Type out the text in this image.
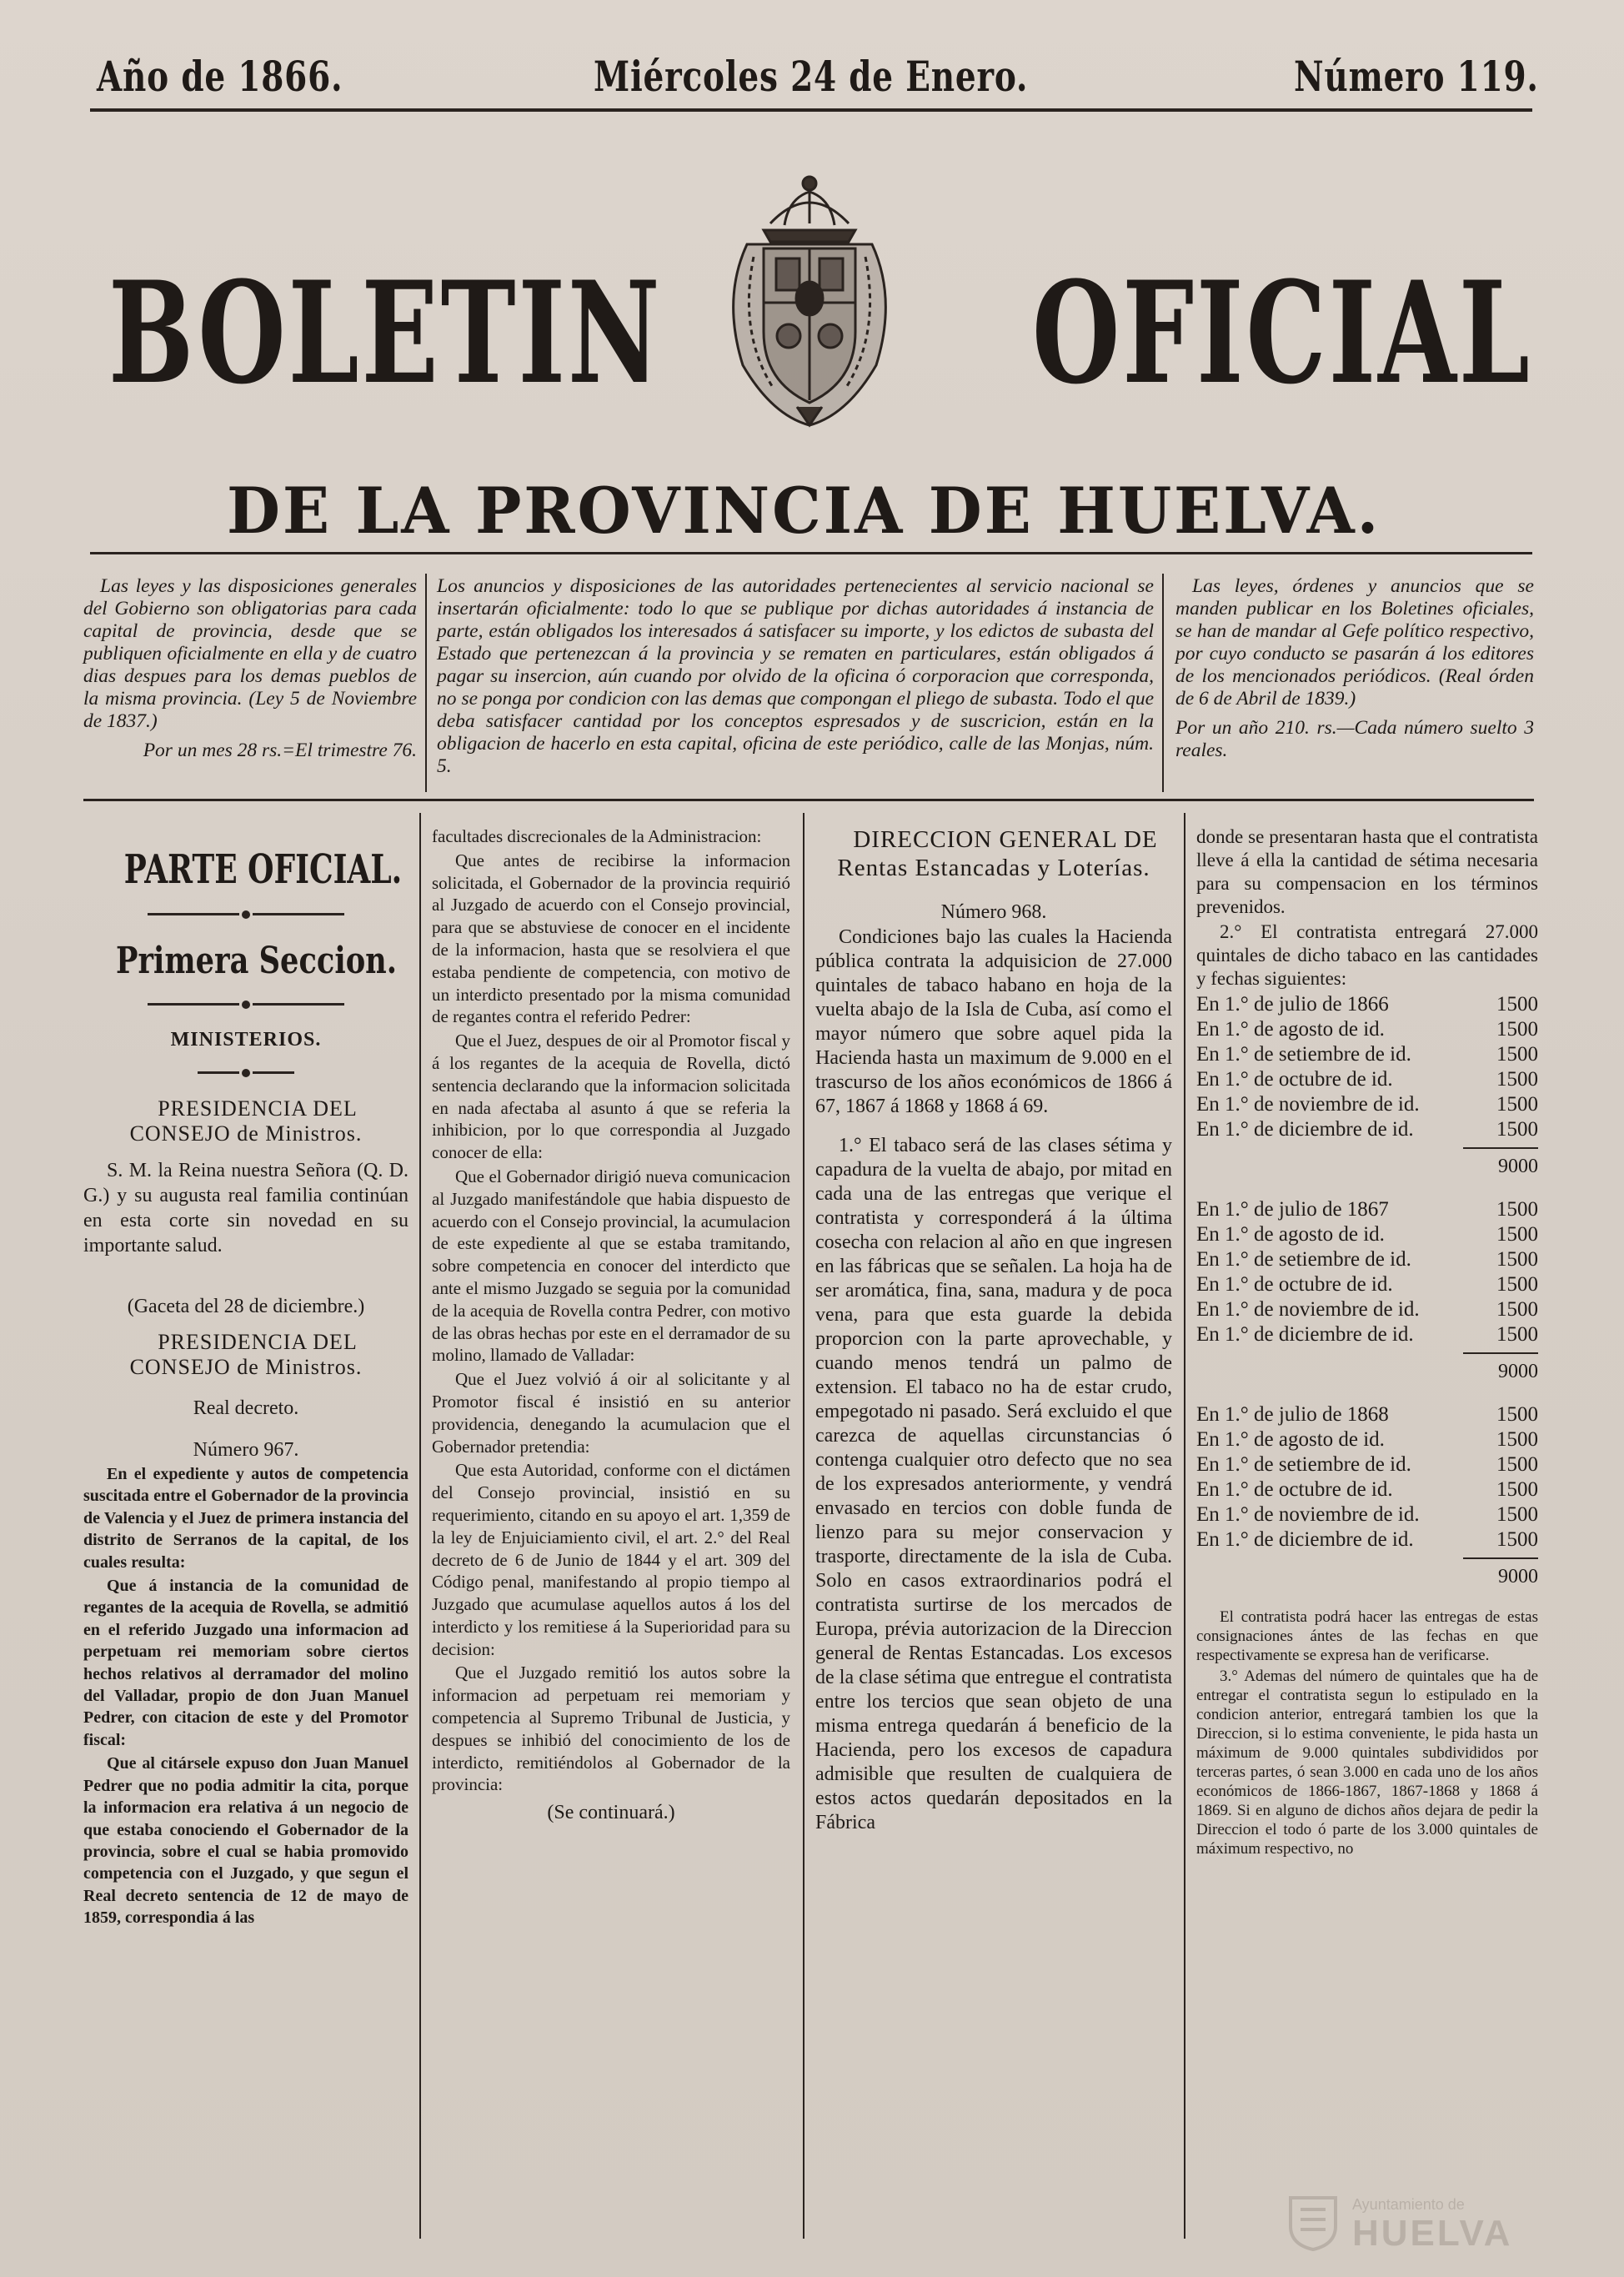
Año de 1866.	Miércoles 24 de Enero.	Número 119.
BOLETIN	OFICIAL
DE LA PROVINCIA DE HUELVA.

Las leyes y las disposiciones generales del Gobierno son obligatorias para cada capital de provincia, desde que se publiquen oficialmente en ella y de cuatro dias despues para los demas pueblos de la misma provincia. (Ley 5 de Noviembre de 1837.)

Por un mes 28 rs.=El trimestre 76.

Los anuncios y disposiciones de las autoridades pertenecientes al servicio nacional se insertarán oficialmente: todo lo que se publique por dichas autoridades á instancia de parte, están obligados los interesados á satisfacer su importe, y los edictos de subasta del Estado que pertenezcan á la provincia y se rematen en particulares, están obligados á pagar su insercion, aún cuando por olvido de la oficina ó corporacion que corresponda, no se ponga por condicion con las demas que compongan el pliego de subasta. Todo el que deba satisfacer cantidad por los conceptos espresados y de suscricion, están en la obligacion de hacerlo en esta capital, oficina de este periódico, calle de las Monjas, núm. 5.

Las leyes, órdenes y anuncios que se manden publicar en los Boletines oficiales, se han de mandar al Gefe político respectivo, por cuyo conducto se pasarán á los editores de los mencionados periódicos. (Real órden de 6 de Abril de 1839.)

Por un año 210. rs.—Cada número suelto 3 reales.

PARTE OFICIAL.
Primera Seccion.

MINISTERIOS.

PRESIDENCIA DEL CONSEJO de Ministros.

S. M. la Reina nuestra Señora (Q. D. G.) y su augusta real familia continúan en esta corte sin novedad en su importante salud.

(Gaceta del 28 de diciembre.)

PRESIDENCIA DEL CONSEJO de Ministros.

Real decreto.

Número 967.

En el expediente y autos de competencia suscitada entre el Gobernador de la provincia de Valencia y el Juez de primera instancia del distrito de Serranos de la capital, de los cuales resulta:

Que á instancia de la comunidad de regantes de la acequia de Rovella, se admitió en el referido Juzgado una informacion ad perpetuam rei memoriam sobre ciertos hechos relativos al derramador del molino del Valladar, propio de don Juan Manuel Pedrer, con citacion de este y del Promotor fiscal:

Que al citársele expuso don Juan Manuel Pedrer que no podia admitir la cita, porque la informacion era relativa á un negocio de que estaba conociendo el Gobernador de la provincia, sobre el cual se habia promovido competencia con el Juzgado, y que segun el Real decreto sentencia de 12 de mayo de 1859, correspondia á las

facultades discrecionales de la Administracion:

Que antes de recibirse la informacion solicitada, el Gobernador de la provincia requirió al Juzgado de acuerdo con el Consejo provincial, para que se abstuviese de conocer en el incidente de la informacion, hasta que se resolviera el que estaba pendiente de competencia, con motivo de un interdicto presentado por la misma comunidad de regantes contra el referido Pedrer:

Que el Juez, despues de oir al Promotor fiscal y á los regantes de la acequia de Rovella, dictó sentencia declarando que la informacion solicitada en nada afectaba al asunto á que se referia la inhibicion, por lo que correspondia al Juzgado conocer de ella:

Que el Gobernador dirigió nueva comunicacion al Juzgado manifestándole que habia dispuesto de acuerdo con el Consejo provincial, la acumulacion de este expediente al que se estaba tramitando, sobre competencia en conocer del interdicto que ante el mismo Juzgado se seguia por la comunidad de la acequia de Rovella contra Pedrer, con motivo de las obras hechas por este en el derramador de su molino, llamado de Valladar:

Que el Juez volvió á oir al solicitante y al Promotor fiscal é insistió en su anterior providencia, denegando la acumulacion que el Gobernador pretendia:

Que esta Autoridad, conforme con el dictámen del Consejo provincial, insistió en su requerimiento, citando en su apoyo el art. 1,359 de la ley de Enjuiciamiento civil, el art. 2.° del Real decreto de 6 de Junio de 1844 y el art. 309 del Código penal, manifestando al propio tiempo al Juzgado que acumulase aquellos autos á los del interdicto y los remitiese á la Superioridad para su decision:

Que el Juzgado remitió los autos sobre la informacion ad perpetuam rei memoriam y competencia al Supremo Tribunal de Justicia, y despues se inhibió del conocimiento de los de interdicto, remitiéndolos al Gobernador de la provincia:

(Se continuará.)

DIRECCION GENERAL DE Rentas Estancadas y Loterías.

Número 968.

Condiciones bajo las cuales la Hacienda pública contrata la adquisicion de 27.000 quintales de tabaco habano en hoja de la vuelta abajo de la Isla de Cuba, así como el mayor número que sobre aquel pida la Hacienda hasta un maximum de 9.000 en el trascurso de los años económicos de 1866 á 67, 1867 á 1868 y 1868 á 69.

1.° El tabaco será de las clases sétima y capadura de la vuelta de abajo, por mitad en cada una de las entregas que verique el contratista y corresponderá á la última cosecha con relacion al año en que ingresen en las fábricas que se señalen. La hoja ha de ser aromática, fina, sana, madura y de poca vena, para que esta guarde la debida proporcion con la parte aprovechable, y cuando menos tendrá un palmo de extension. El tabaco no ha de estar crudo, empegotado ni pasado. Será excluido el que carezca de aquellas circunstancias ó contenga cualquier otro defecto que no sea de los expresados anteriormente, y vendrá envasado en tercios con doble funda de lienzo para su mejor conservacion y trasporte, directamente de la isla de Cuba. Solo en casos extraordinarios podrá el contratista surtirse de los mercados de Europa, prévia autorizacion de la Direccion general de Rentas Estancadas. Los excesos de la clase sétima que entregue el contratista entre los tercios que sean objeto de una misma entrega quedarán á beneficio de la Hacienda, pero los excesos de capadura admisible que resulten de cualquiera de estos actos quedarán depositados en la Fábrica

donde se presentaran hasta que el contratista lleve á ella la cantidad de sétima necesaria para su compensacion en los términos prevenidos.

2.° El contratista entregará 27.000 quintales de dicho tabaco en las cantidades y fechas siguientes:

En 1.° de julio de 1866	1500
En 1.° de agosto de id.	1500
En 1.° de setiembre de id.	1500
En 1.° de octubre de id.	1500
En 1.° de noviembre de id.	1500
En 1.° de diciembre de id.	1500
9000
En 1.° de julio de 1867	1500
En 1.° de agosto de id.	1500
En 1.° de setiembre de id.	1500
En 1.° de octubre de id.	1500
En 1.° de noviembre de id.	1500
En 1.° de diciembre de id.	1500
9000
En 1.° de julio de 1868	1500
En 1.° de agosto de id.	1500
En 1.° de setiembre de id.	1500
En 1.° de octubre de id.	1500
En 1.° de noviembre de id.	1500
En 1.° de diciembre de id.	1500
9000

El contratista podrá hacer las entregas de estas consignaciones ántes de las fechas en que respectivamente se expresa han de verificarse.

3.° Ademas del número de quintales que ha de entregar el contratista segun lo estipulado en la condicion anterior, entregará tambien los que la Direccion, si lo estima conveniente, le pida hasta un máximum de 9.000 quintales subdivididos por terceras partes, ó sean 3.000 en cada uno de los años económicos de 1866-1867, 1867-1868 y 1868 á 1869. Si en alguno de dichos años dejara de pedir la Direccion el todo ó parte de los 3.000 quintales de máximum respectivo, no

Ayuntamiento de
HUELVA
